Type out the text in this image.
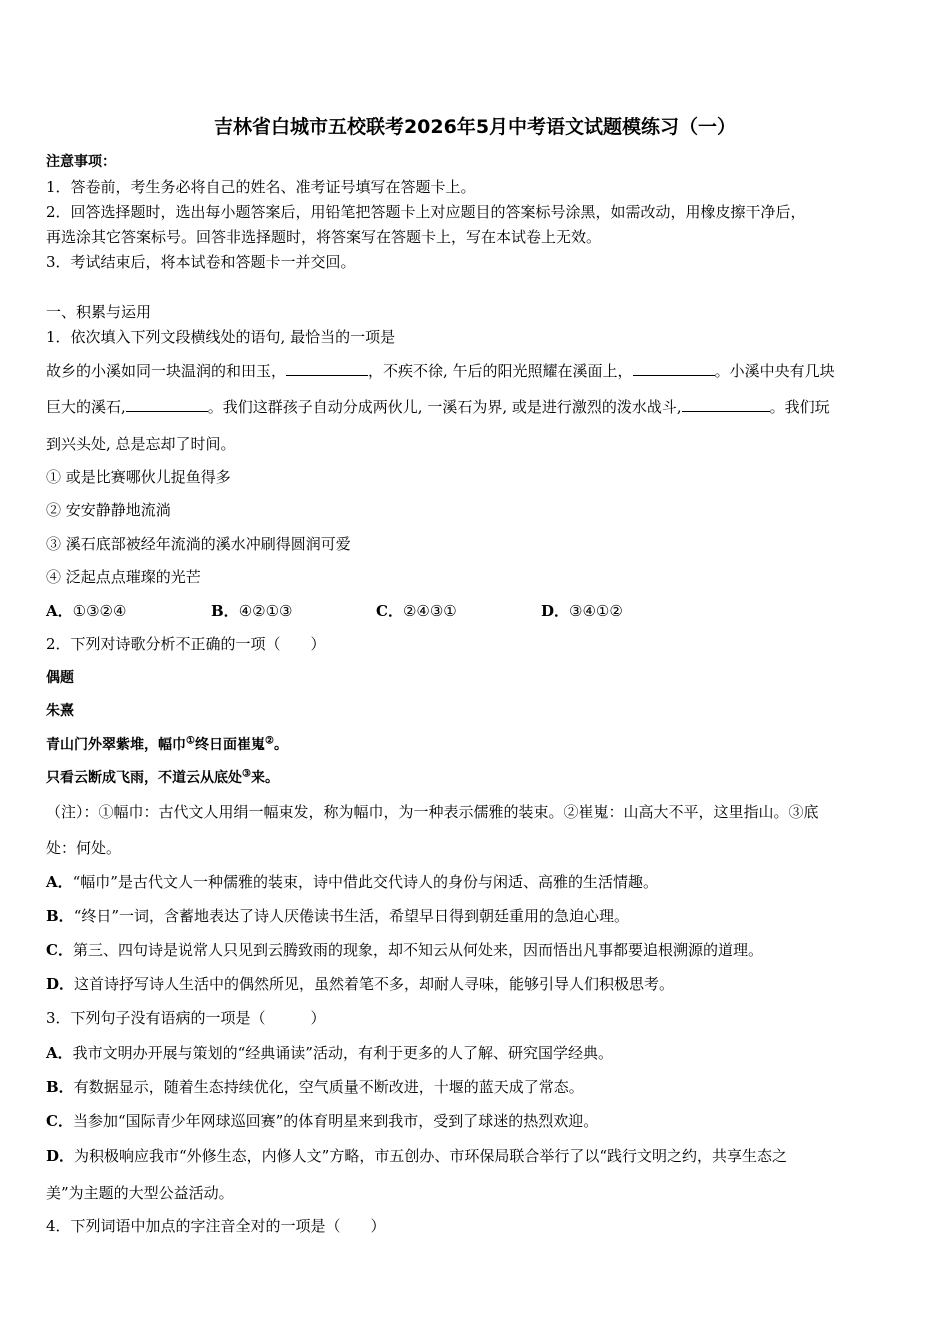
吉林省白城市五校联考2026年5月中考语文试题模练习（一）
注意事项：
1．答卷前，考生务必将自己的姓名、准考证号填写在答题卡上。
2．回答选择题时，选出每小题答案后，用铅笔把答题卡上对应题目的答案标号涂黑，如需改动，用橡皮擦干净后，
再选涂其它答案标号。回答非选择题时，将答案写在答题卡上，写在本试卷上无效。
3．考试结束后，将本试卷和答题卡一并交回。
一、积累与运用
1．依次填入下列文段横线处的语句, 最恰当的一项是
故乡的小溪如同一块温润的和田玉，	，不疾不徐, 午后的阳光照耀在溪面上，	。小溪中央有几块
巨大的溪石,	。我们这群孩子自动分成两伙儿, 一溪石为界, 或是进行激烈的泼水战斗,	。我们玩
到兴头处, 总是忘却了时间。
① 或是比赛哪伙儿捉鱼得多
② 安安静静地流淌
③ 溪石底部被经年流淌的溪水冲刷得圆润可爱
④ 泛起点点璀璨的光芒
A．①③②④	B．④②①③	C．②④③①	D．③④①②
2．下列对诗歌分析不正确的一项（　　）
偶题
朱熹
青山门外翠紫堆，幅巾①终日面崔嵬②。
只看云断成飞雨，不道云从底处③来。
（注）：①幅巾：古代文人用绢一幅束发，称为幅巾，为一种表示儒雅的装束。②崔嵬：山高大不平，这里指山。③底
处：何处。
A．“幅巾”是古代文人一种儒雅的装束，诗中借此交代诗人的身份与闲适、高雅的生活情趣。
B．“终日”一词，含蓄地表达了诗人厌倦读书生活，希望早日得到朝廷重用的急迫心理。
C．第三、四句诗是说常人只见到云腾致雨的现象，却不知云从何处来，因而悟出凡事都要追根溯源的道理。
D．这首诗抒写诗人生活中的偶然所见，虽然着笔不多，却耐人寻味，能够引导人们积极思考。
3．下列句子没有语病的一项是（　　　）
A．我市文明办开展与策划的“经典诵读”活动，有利于更多的人了解、研究国学经典。
B．有数据显示，随着生态持续优化，空气质量不断改进，十堰的蓝天成了常态。
C．当参加“国际青少年网球巡回赛”的体育明星来到我市，受到了球迷的热烈欢迎。
D．为积极响应我市“外修生态，内修人文”方略，市五创办、市环保局联合举行了以“践行文明之约，共享生态之
美”为主题的大型公益活动。
4．下列词语中加点的字注音全对的一项是（　　）
